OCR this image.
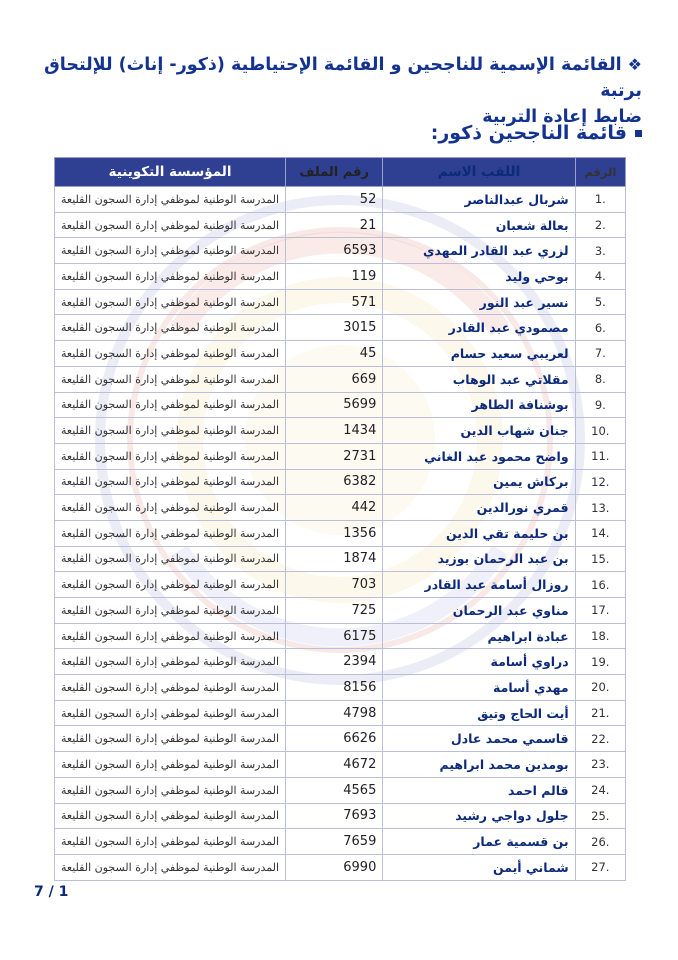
❖القائمة الإسمية للناجحين و القائمة الإحتياطية (ذكور- إناث) للإلتحاق برتبة
ضابط إعادة التربية
قائمة الناجحين ذكور:
الرقم	اللقب الاسم	رقم الملف	المؤسسة التكوينية
.1	شربال عبدالناصر	52	المدرسة الوطنية لموظفي إدارة السجون القليعة
.2	بعالة شعبان	21	المدرسة الوطنية لموظفي إدارة السجون القليعة
.3	لزري عبد القادر المهدي	6593	المدرسة الوطنية لموظفي إدارة السجون القليعة
.4	بوحي وليد	119	المدرسة الوطنية لموظفي إدارة السجون القليعة
.5	نسير عبد النور	571	المدرسة الوطنية لموظفي إدارة السجون القليعة
.6	مصمودي عبد القادر	3015	المدرسة الوطنية لموظفي إدارة السجون القليعة
.7	لعريبي سعيد حسام	45	المدرسة الوطنية لموظفي إدارة السجون القليعة
.8	مقلاتي عبد الوهاب	669	المدرسة الوطنية لموظفي إدارة السجون القليعة
.9	بوشنافة الطاهر	5699	المدرسة الوطنية لموظفي إدارة السجون القليعة
.10	جنان شهاب الدين	1434	المدرسة الوطنية لموظفي إدارة السجون القليعة
.11	واضح محمود عبد الغاني	2731	المدرسة الوطنية لموظفي إدارة السجون القليعة
.12	بركاش يمين	6382	المدرسة الوطنية لموظفي إدارة السجون القليعة
.13	قمري نورالدين	442	المدرسة الوطنية لموظفي إدارة السجون القليعة
.14	بن حليمة تقي الدين	1356	المدرسة الوطنية لموظفي إدارة السجون القليعة
.15	بن عبد الرحمان بوزيد	1874	المدرسة الوطنية لموظفي إدارة السجون القليعة
.16	روزال أسامة عبد القادر	703	المدرسة الوطنية لموظفي إدارة السجون القليعة
.17	مناوي عبد الرحمان	725	المدرسة الوطنية لموظفي إدارة السجون القليعة
.18	عبادة ابراهيم	6175	المدرسة الوطنية لموظفي إدارة السجون القليعة
.19	دراوي أسامة	2394	المدرسة الوطنية لموظفي إدارة السجون القليعة
.20	مهدي أسامة	8156	المدرسة الوطنية لموظفي إدارة السجون القليعة
.21	أيت الحاج وتيق	4798	المدرسة الوطنية لموظفي إدارة السجون القليعة
.22	قاسمي محمد عادل	6626	المدرسة الوطنية لموظفي إدارة السجون القليعة
.23	بومدين محمد ابراهيم	4672	المدرسة الوطنية لموظفي إدارة السجون القليعة
.24	قالم احمد	4565	المدرسة الوطنية لموظفي إدارة السجون القليعة
.25	جلول دواجي رشيد	7693	المدرسة الوطنية لموظفي إدارة السجون القليعة
.26	بن قسمية عمار	7659	المدرسة الوطنية لموظفي إدارة السجون القليعة
.27	شماني أيمن	6990	المدرسة الوطنية لموظفي إدارة السجون القليعة
7 / 1
